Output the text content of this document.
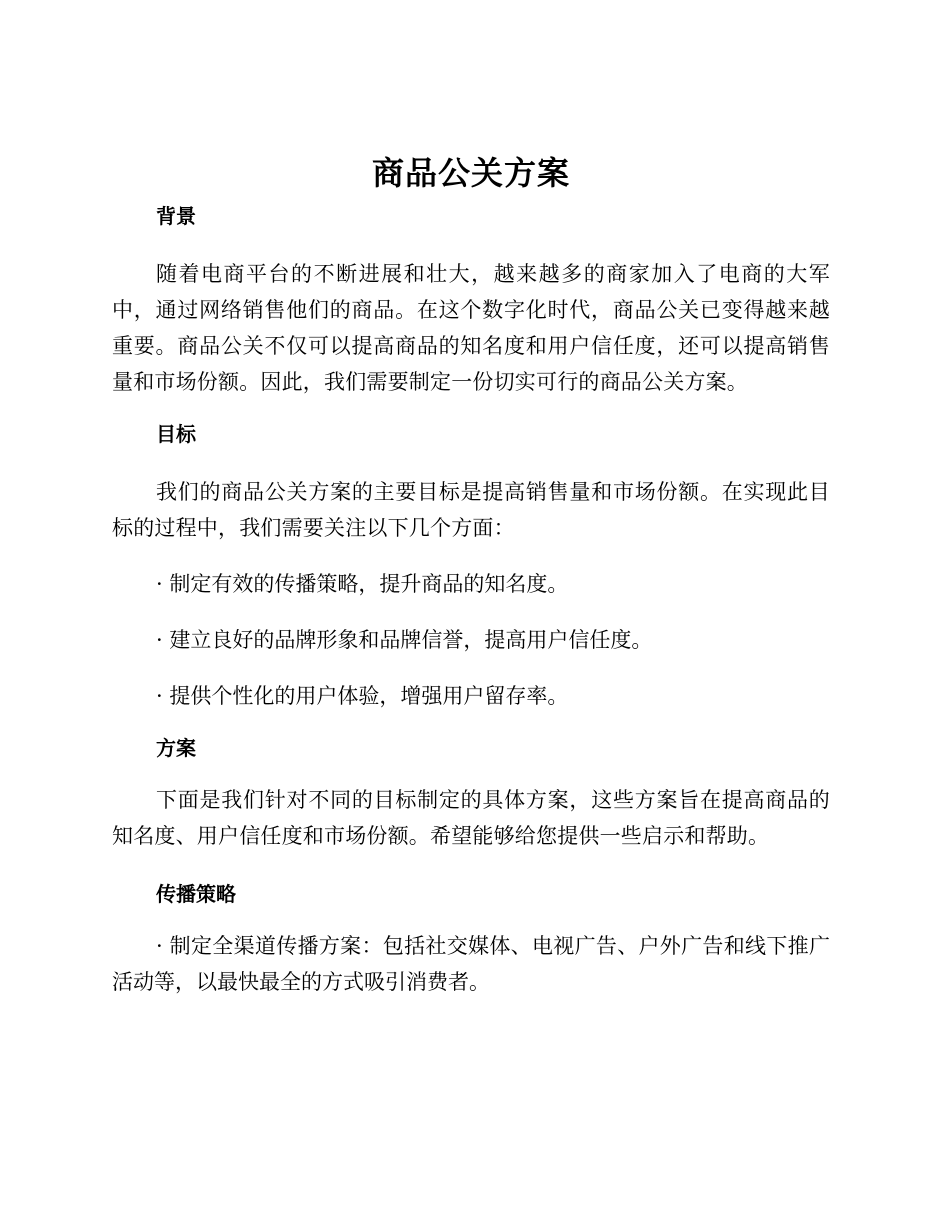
商品公关方案
背景

随着电商平台的不断进展和壮大，越来越多的商家加入了电商的大军中，通过网络销售他们的商品。在这个数字化时代，商品公关已变得越来越重要。商品公关不仅可以提高商品的知名度和用户信任度，还可以提高销售量和市场份额。因此，我们需要制定一份切实可行的商品公关方案。

目标

我们的商品公关方案的主要目标是提高销售量和市场份额。在实现此目标的过程中，我们需要关注以下几个方面：

· 制定有效的传播策略，提升商品的知名度。

· 建立良好的品牌形象和品牌信誉，提高用户信任度。

· 提供个性化的用户体验，增强用户留存率。

方案

下面是我们针对不同的目标制定的具体方案，这些方案旨在提高商品的知名度、用户信任度和市场份额。希望能够给您提供一些启示和帮助。

传播策略

· 制定全渠道传播方案：包括社交媒体、电视广告、户外广告和线下推广活动等，以最快最全的方式吸引消费者。
